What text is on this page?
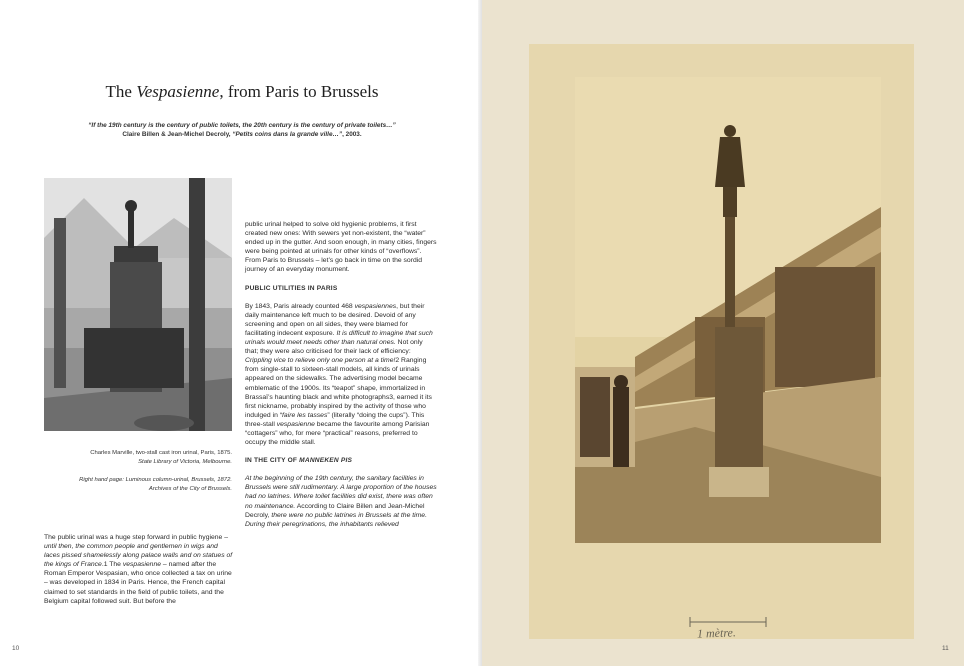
The Vespasienne, from Paris to Brussels
“If the 19th century is the century of public toilets, the 20th century is the century of private toilets…”
Claire Billen & Jean-Michel Decroly, “Petits coins dans la grande ville…”, 2003.
Charles Marville, two-stall cast iron urinal, Paris, 1875.
State Library of Victoria, Melbourne.
Right hand page: Luminous column-urinal, Brussels, 1872.
Archives of the City of Brussels.

The public urinal was a huge step forward in public hygiene – until then, the common people and gentlemen in wigs and laces pissed shamelessly along palace walls and on statues of the kings of France.1 The vespasienne – named after the Roman Emperor Vespasian, who once collected a tax on urine – was developed in 1834 in Paris. Hence, the French capital claimed to set standards in the field of public toilets, and the Belgium capital followed suit. But before the

public urinal helped to solve old hygienic problems, it first created new ones: With sewers yet non-existent, the “water” ended up in the gutter. And soon enough, in many cities, fingers were being pointed at urinals for other kinds of “overflows”. From Paris to Brussels – let’s go back in time on the sordid journey of an everyday monument.

PUBLIC UTILITIES IN PARIS

By 1843, Paris already counted 468 vespasiennes, but their daily maintenance left much to be desired. Devoid of any screening and open on all sides, they were blamed for facilitating indecent exposure. It is difficult to imagine that such urinals would meet needs other than natural ones. Not only that; they were also criticised for their lack of efficiency: Crippling vice to relieve only one person at a time!2 Ranging from single-stall to sixteen-stall models, all kinds of urinals appeared on the sidewalks. The advertising model became emblematic of the 1900s. Its “teapot” shape, immortalized in Brassaï’s haunting black and white photographs3, earned it its first nickname, probably inspired by the activity of those who indulged in “faire les tasses” (literally “doing the cups”). This three-stall vespasienne became the favourite among Parisian “cottagers” who, for mere “practical” reasons, preferred to occupy the middle stall.

IN THE CITY OF MANNEKEN PIS

At the beginning of the 19th century, the sanitary facilities in Brussels were still rudimentary. A large proportion of the houses had no latrines. Where toilet facilities did exist, there was often no maintenance. According to Claire Billen and Jean-Michel Decroly, there were no public latrines in Brussels at the time. During their peregrinations, the inhabitants relieved

10
1 mètre.
11
